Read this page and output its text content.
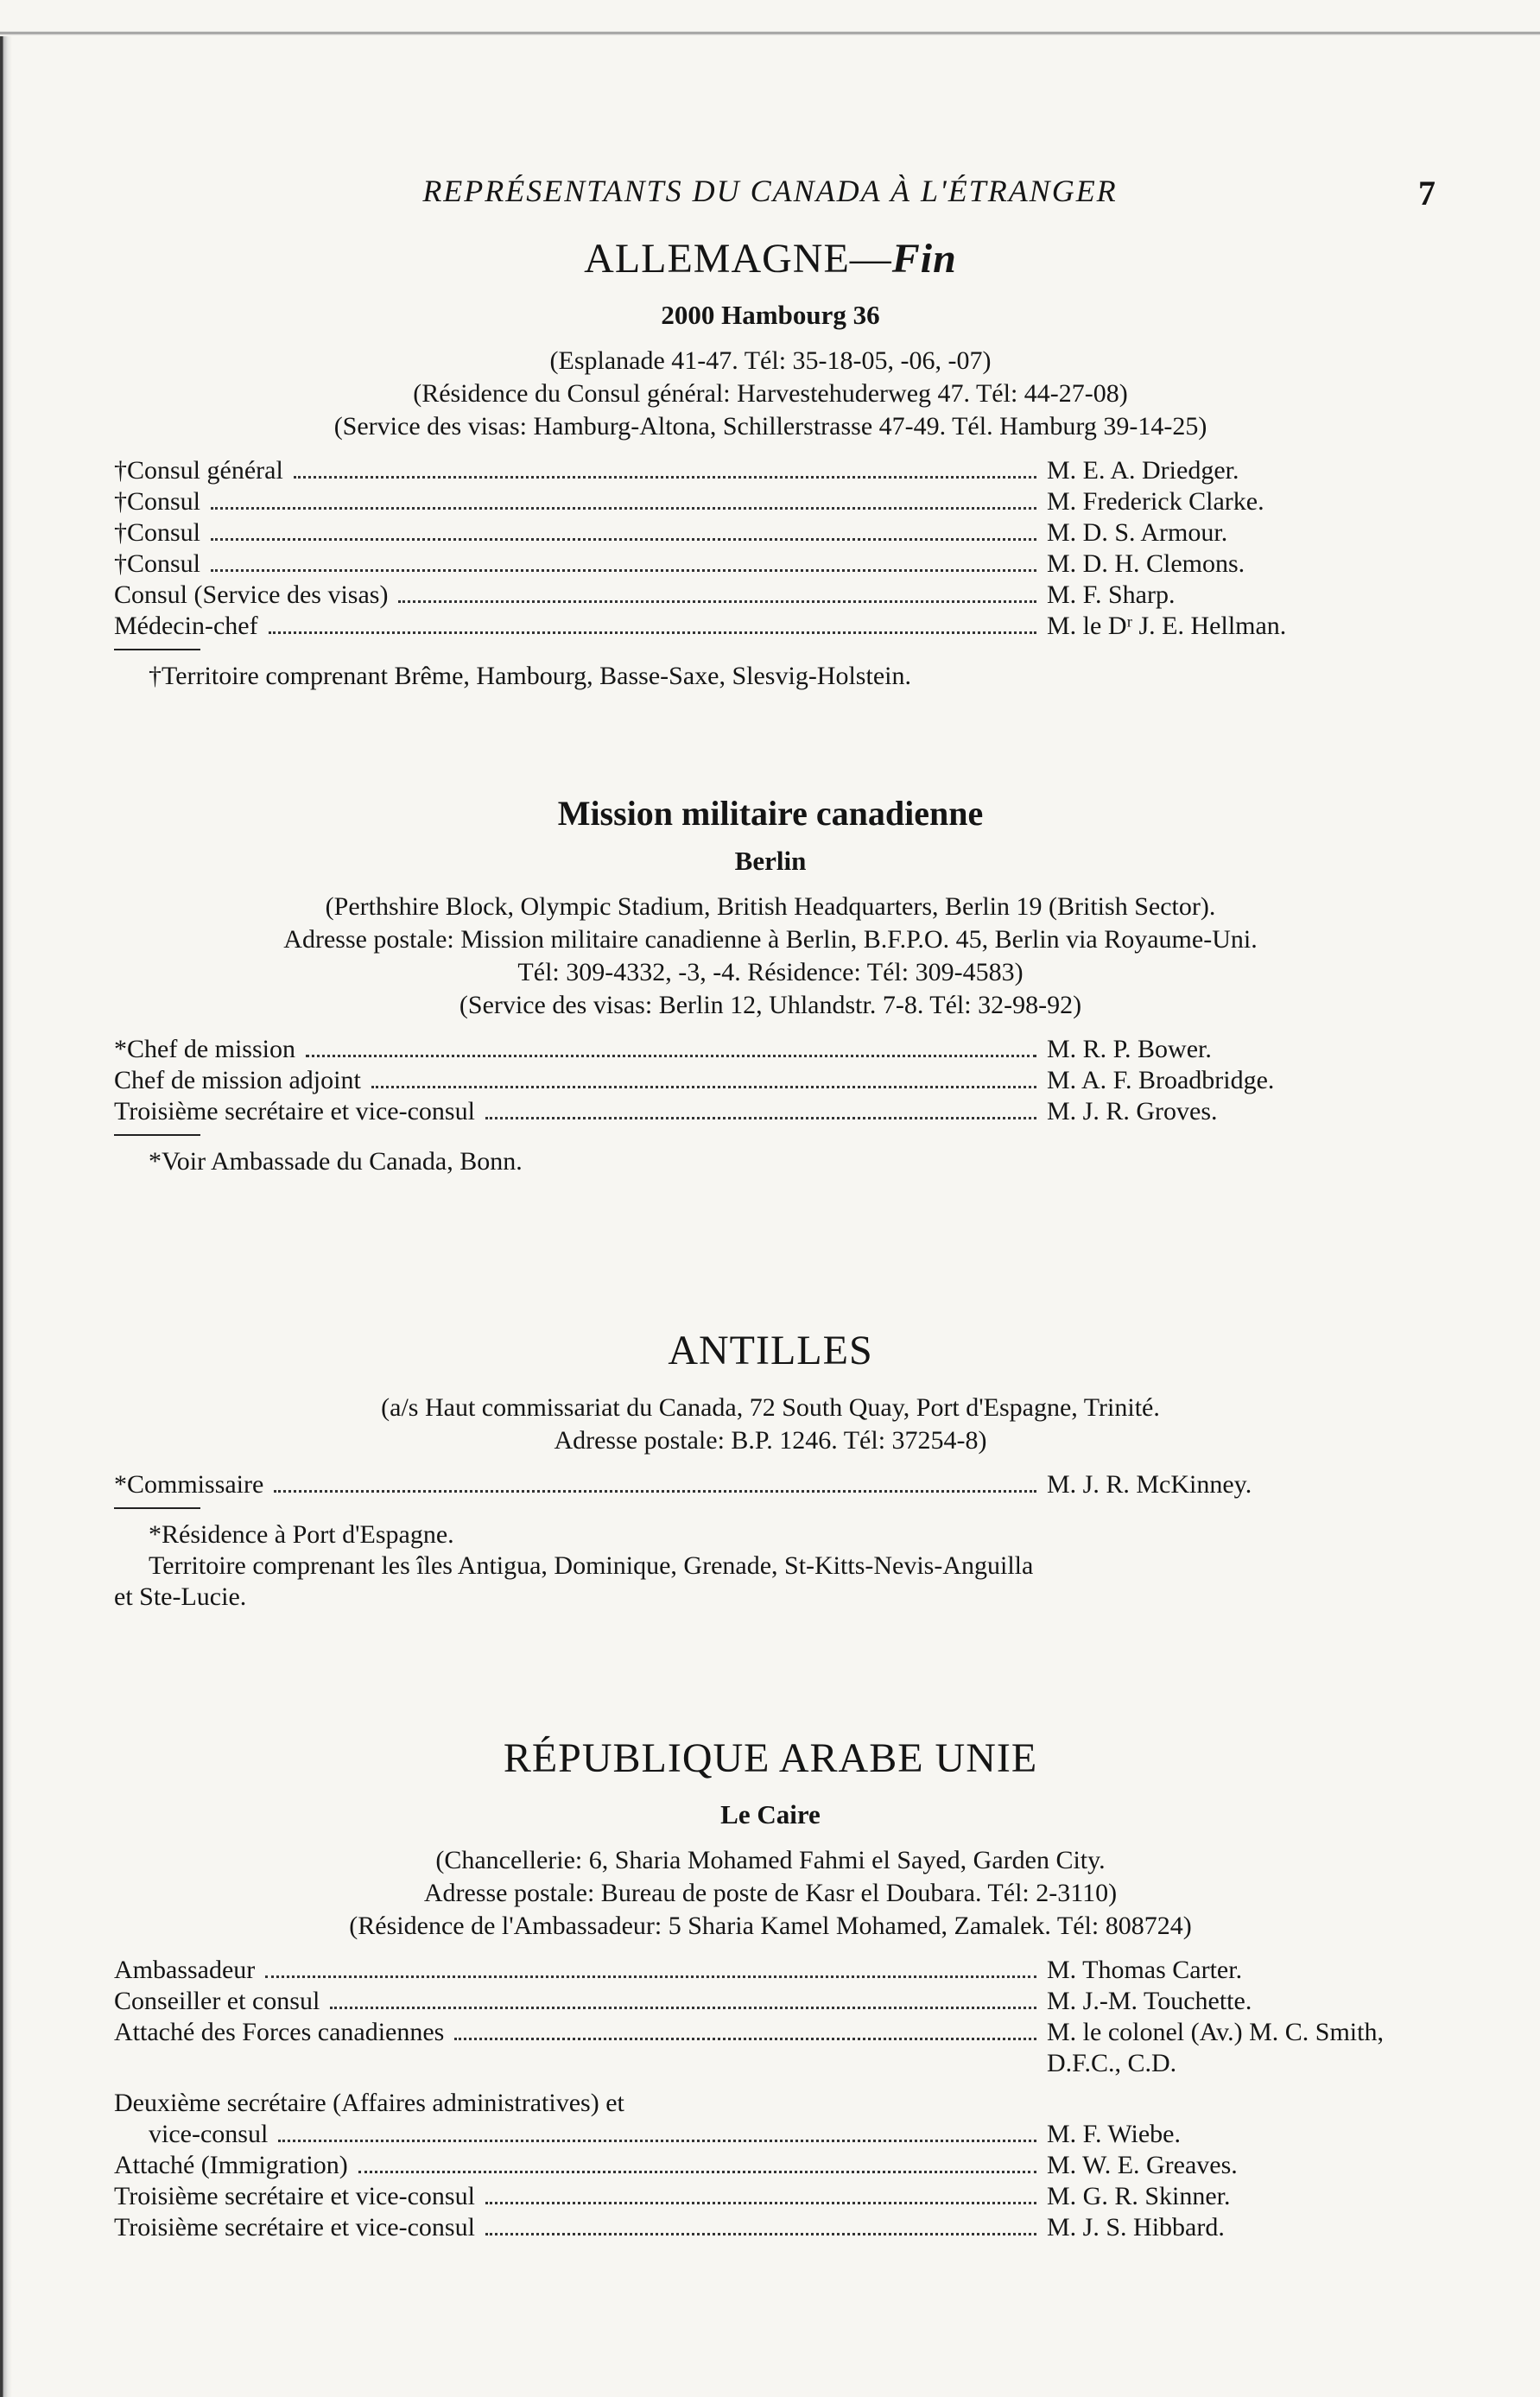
REPRÉSENTANTS DU CANADA À L'ÉTRANGER	7
ALLEMAGNE—Fin
2000 Hambourg 36
(Esplanade 41-47. Tél: 35-18-05, -06, -07)
(Résidence du Consul général: Harvestehuderweg 47. Tél: 44-27-08)
(Service des visas: Hamburg-Altona, Schillerstrasse 47-49. Tél. Hamburg 39-14-25)
†Consul général	M. E. A. Driedger.
†Consul	M. Frederick Clarke.
†Consul	M. D. S. Armour.
†Consul	M. D. H. Clemons.
Consul (Service des visas)	M. F. Sharp.
Médecin-chef	M. le Dʳ J. E. Hellman.
†Territoire comprenant Brême, Hambourg, Basse-Saxe, Slesvig-Holstein.
Mission militaire canadienne
Berlin
(Perthshire Block, Olympic Stadium, British Headquarters, Berlin 19 (British Sector).
Adresse postale: Mission militaire canadienne à Berlin, B.F.P.O. 45, Berlin via Royaume-Uni.
Tél: 309-4332, -3, -4. Résidence: Tél: 309-4583)
(Service des visas: Berlin 12, Uhlandstr. 7-8. Tél: 32-98-92)
*Chef de mission	M. R. P. Bower.
Chef de mission adjoint	M. A. F. Broadbridge.
Troisième secrétaire et vice-consul	M. J. R. Groves.
*Voir Ambassade du Canada, Bonn.
ANTILLES
(a/s Haut commissariat du Canada, 72 South Quay, Port d'Espagne, Trinité.
Adresse postale: B.P. 1246. Tél: 37254-8)
*Commissaire	M. J. R. McKinney.
*Résidence à Port d'Espagne.
Territoire comprenant les îles Antigua, Dominique, Grenade, St-Kitts-Nevis-Anguilla
et Ste-Lucie.
RÉPUBLIQUE ARABE UNIE
Le Caire
(Chancellerie: 6, Sharia Mohamed Fahmi el Sayed, Garden City.
Adresse postale: Bureau de poste de Kasr el Doubara. Tél: 2-3110)
(Résidence de l'Ambassadeur: 5 Sharia Kamel Mohamed, Zamalek. Tél: 808724)
Ambassadeur	M. Thomas Carter.
Conseiller et consul	M. J.-M. Touchette.
Attaché des Forces canadiennes	M. le colonel (Av.) M. C. Smith, D.F.C., C.D.
Deuxième secrétaire (Affaires administratives) et
vice-consul	M. F. Wiebe.
Attaché (Immigration)	M. W. E. Greaves.
Troisième secrétaire et vice-consul	M. G. R. Skinner.
Troisième secrétaire et vice-consul	M. J. S. Hibbard.
